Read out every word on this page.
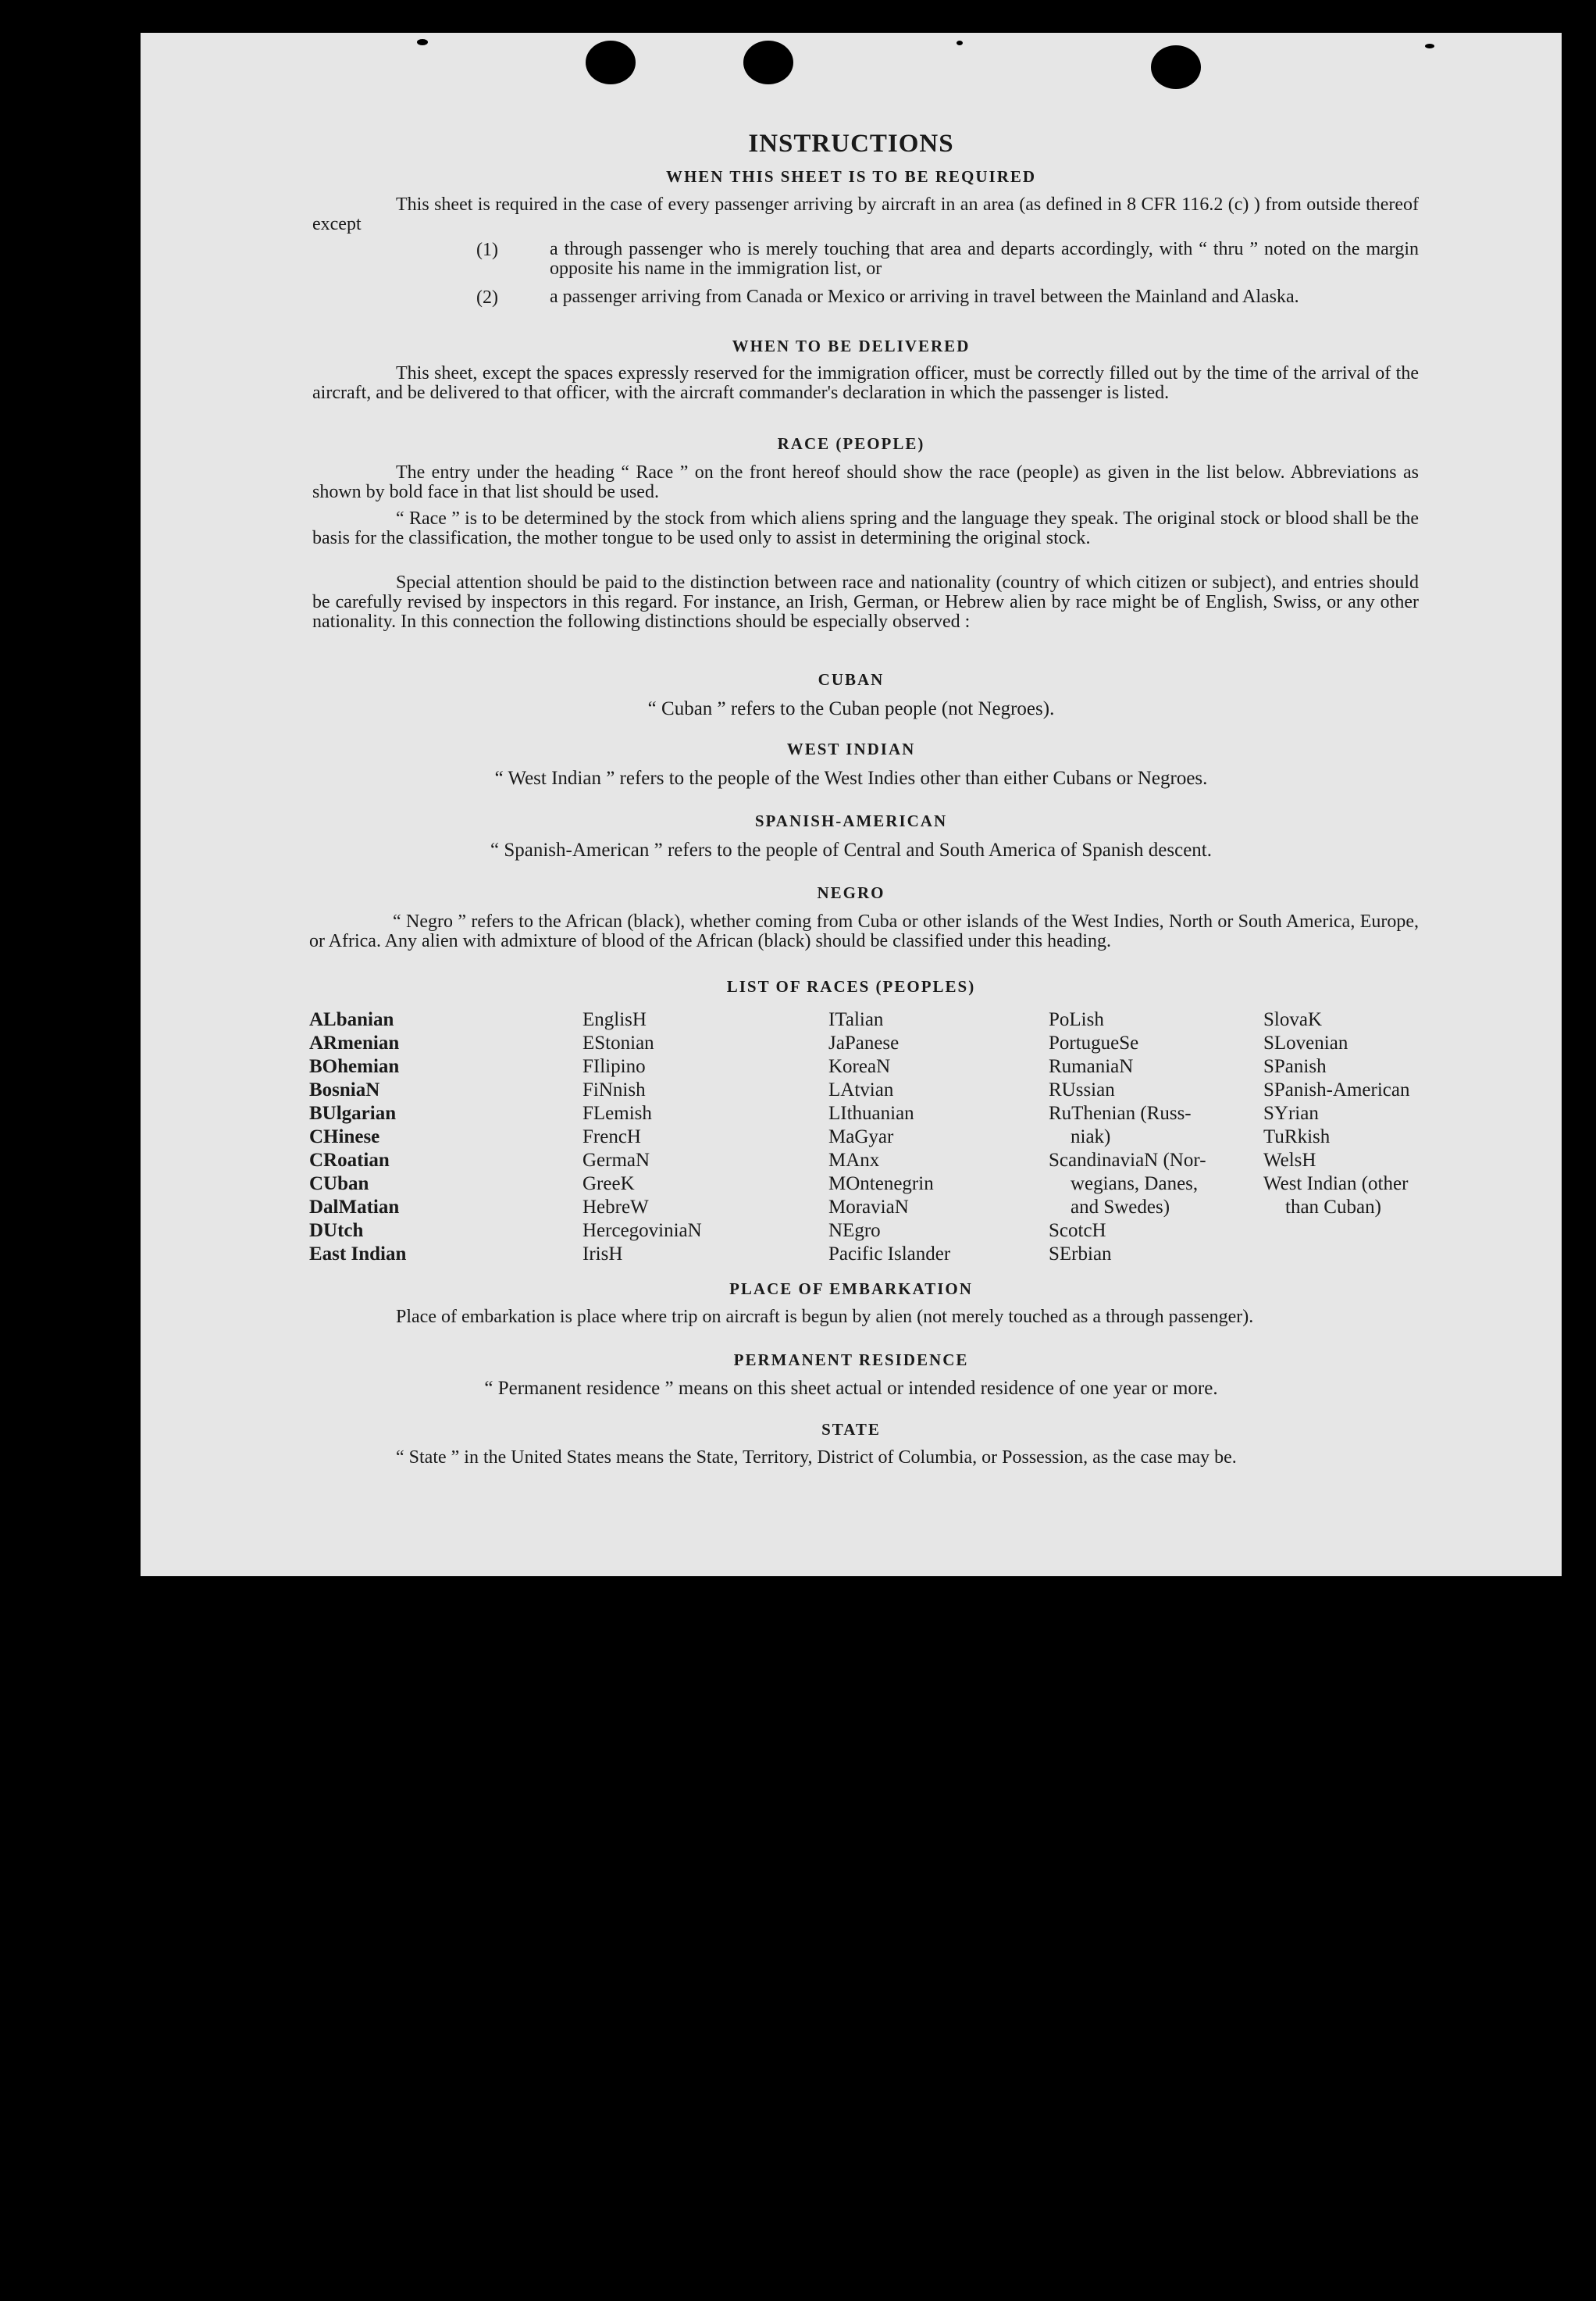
INSTRUCTIONS
WHEN THIS SHEET IS TO BE REQUIRED
This sheet is required in the case of every passenger arriving by aircraft in an area (as defined in 8 CFR 116.2 (c) ) from outside thereof except
(1)	a through passenger who is merely touching that area and departs accordingly, with “ thru ” noted on the margin opposite his name in the immigration list, or
(2)	a passenger arriving from Canada or Mexico or arriving in travel between the Mainland and Alaska.
WHEN TO BE DELIVERED
This sheet, except the spaces expressly reserved for the immigration officer, must be correctly filled out by the time of the arrival of the aircraft, and be delivered to that officer, with the aircraft commander's declaration in which the passenger is listed.
RACE (PEOPLE)
The entry under the heading “ Race ” on the front hereof should show the race (people) as given in the list below. Abbreviations as shown by bold face in that list should be used.
“ Race ” is to be determined by the stock from which aliens spring and the language they speak. The original stock or blood shall be the basis for the classification, the mother tongue to be used only to assist in determining the original stock.
Special attention should be paid to the distinction between race and nationality (country of which citizen or subject), and entries should be carefully revised by inspectors in this regard. For instance, an Irish, German, or Hebrew alien by race might be of English, Swiss, or any other nationality. In this connection the following distinctions should be especially observed :
CUBAN
“ Cuban ” refers to the Cuban people (not Negroes).
WEST INDIAN
“ West Indian ” refers to the people of the West Indies other than either Cubans or Negroes.
SPANISH-AMERICAN
“ Spanish-American ” refers to the people of Central and South America of Spanish descent.
NEGRO
“ Negro ” refers to the African (black), whether coming from Cuba or other islands of the West Indies, North or South America, Europe, or Africa. Any alien with admixture of blood of the African (black) should be classified under this heading.
LIST OF RACES (PEOPLES)
ALbanian
ARmenian
BOhemian
BosniaN
BUlgarian
CHinese
CRoatian
CUban
DalMatian
DUtch
East Indian
EnglisH
EStonian
FIlipino
FiNnish
FLemish
FrencH
GermaN
GreeK
HebreW
HercegoviniaN
IrisH
ITalian
JaPanese
KoreaN
LAtvian
LIthuanian
MaGyar
MAnx
MOntenegrin
MoraviaN
NEgro
Pacific Islander
PoLish
PortugueSe
RumaniaN
RUssian
RuThenian (Russ-
niak)
ScandinaviaN (Nor-
wegians, Danes,
and Swedes)
ScotcH
SErbian
SlovaK
SLovenian
SPanish
SPanish-American
SYrian
TuRkish
WelsH
West Indian (other
than Cuban)
PLACE OF EMBARKATION
Place of embarkation is place where trip on aircraft is begun by alien (not merely touched as a through passenger).
PERMANENT RESIDENCE
“ Permanent residence ” means on this sheet actual or intended residence of one year or more.
STATE
“ State ” in the United States means the State, Territory, District of Columbia, or Possession, as the case may be.
